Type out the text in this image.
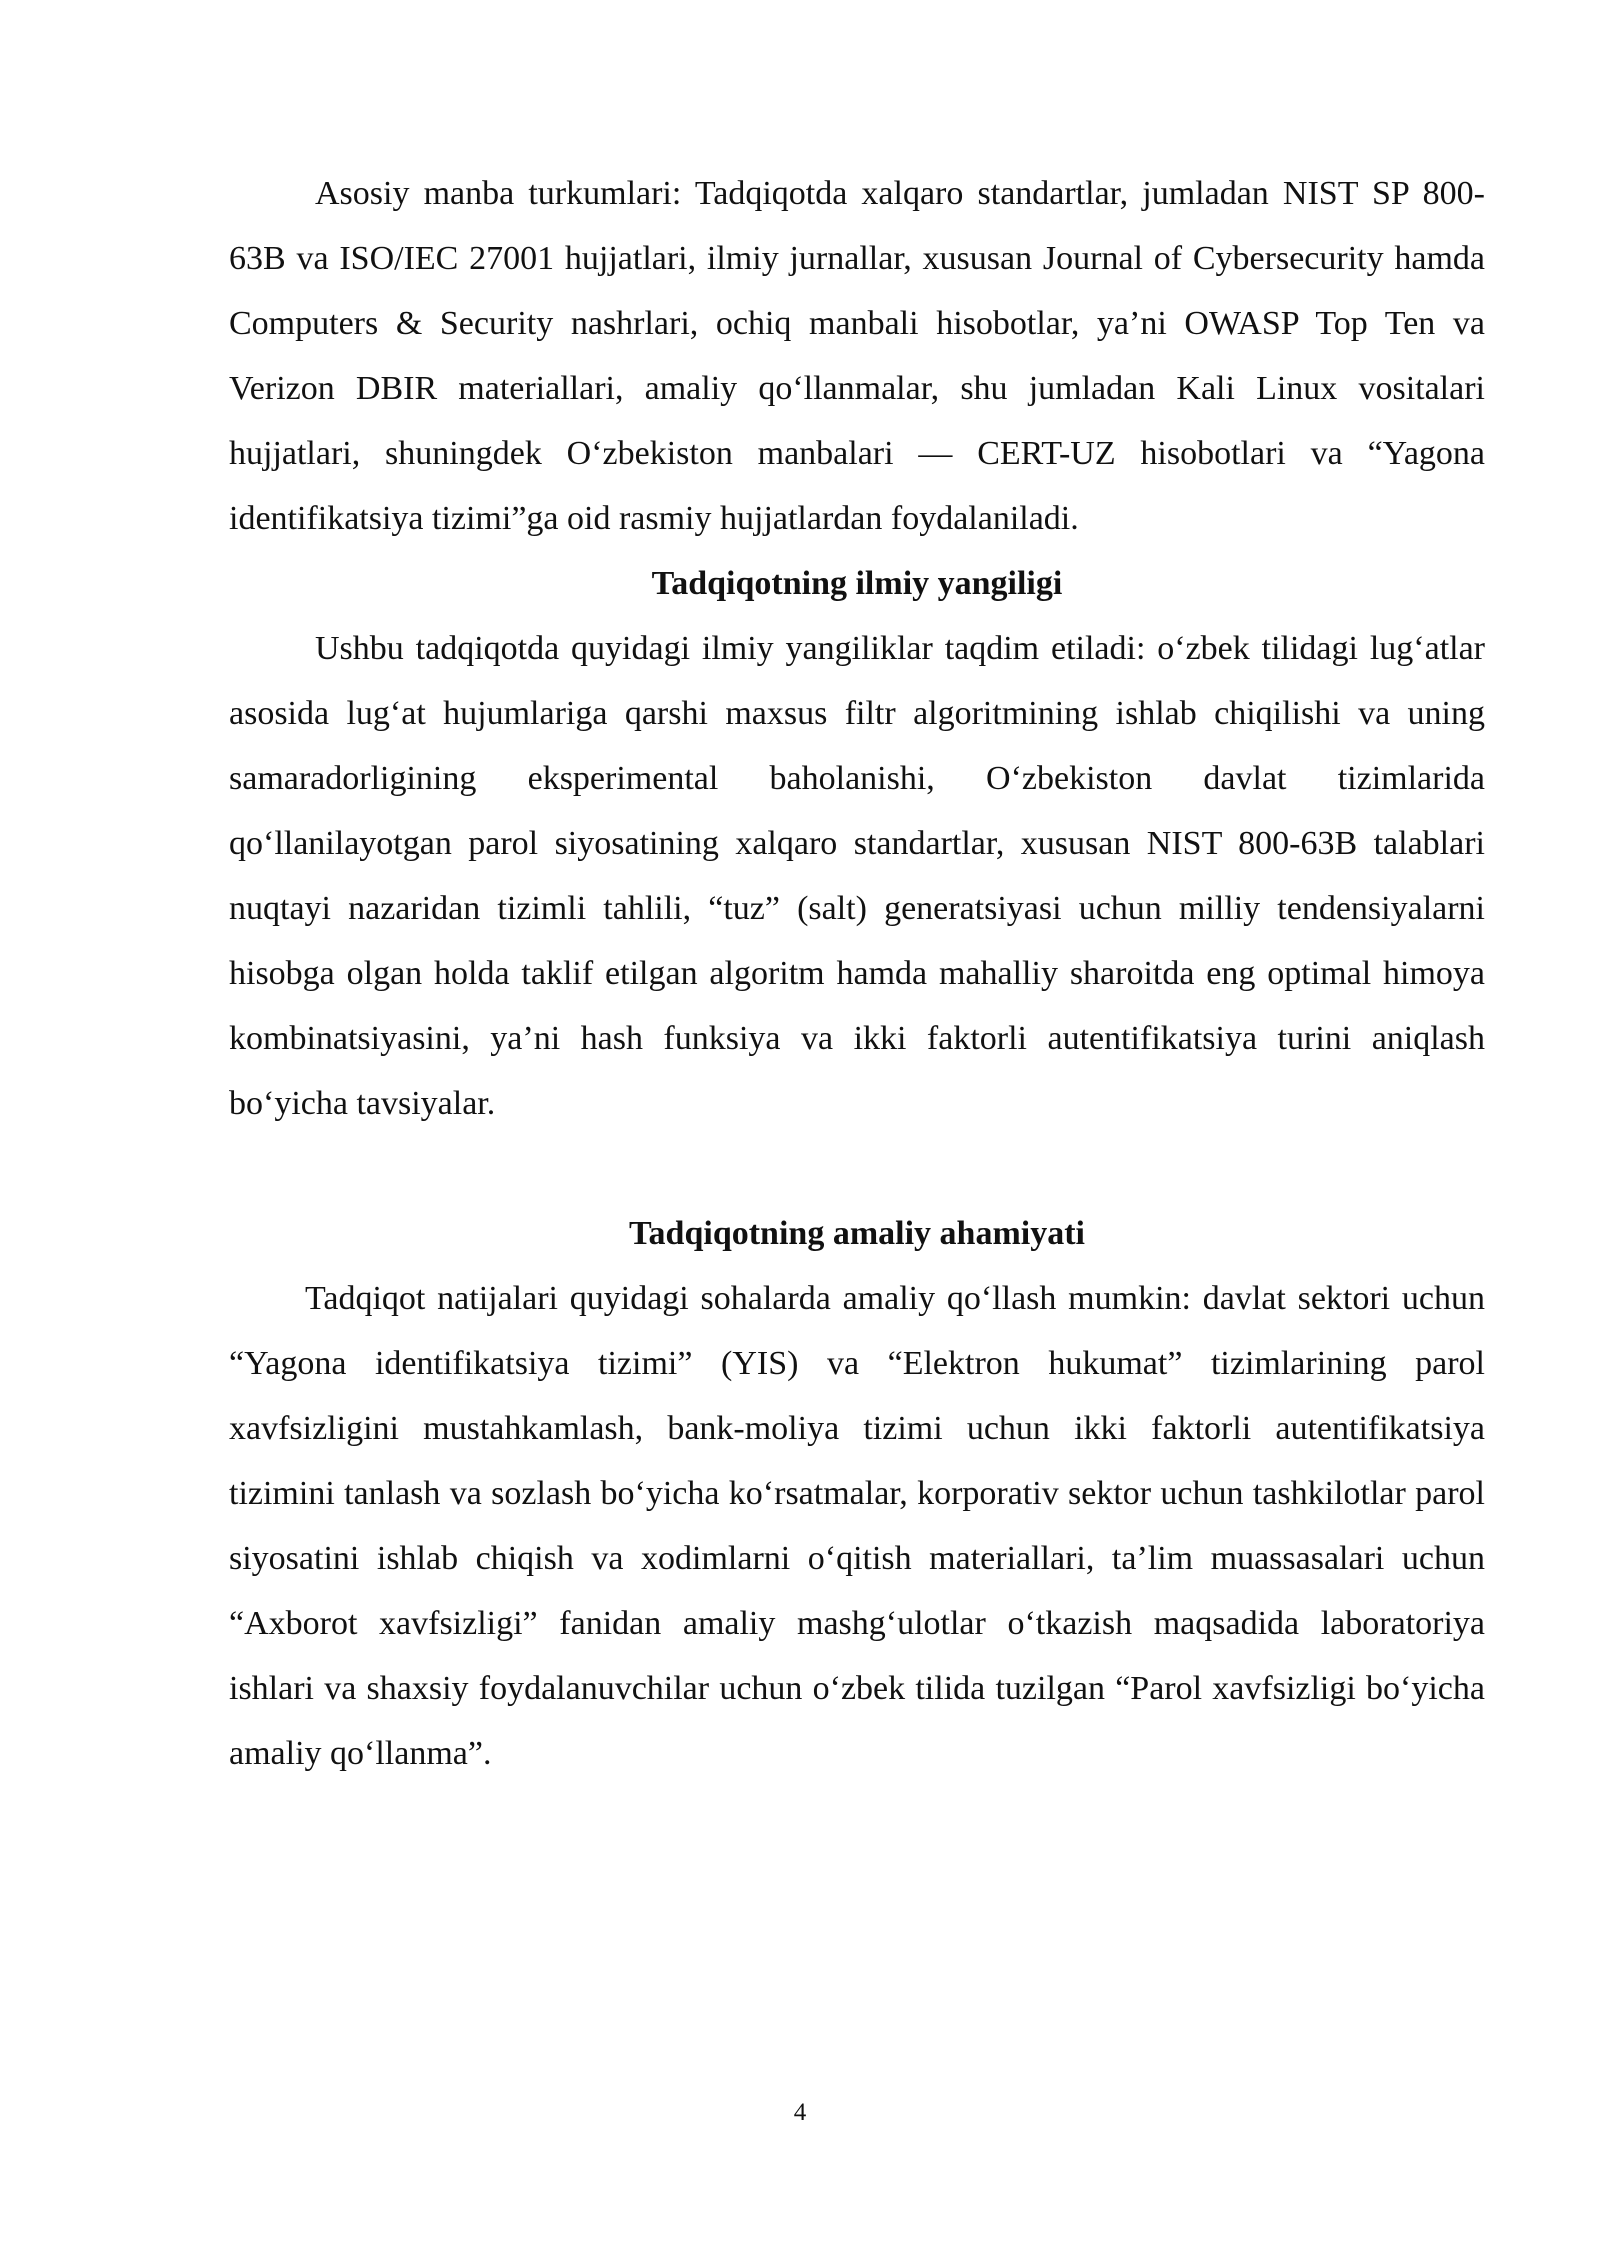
Asosiy manba turkumlari: Tadqiqotda xalqaro standartlar, jumladan NIST SP 800-63B va ISO/IEC 27001 hujjatlari, ilmiy jurnallar, xususan Journal of Cybersecurity hamda Computers & Security nashrlari, ochiq manbali hisobotlar, ya’ni OWASP Top Ten va Verizon DBIR materiallari, amaliy qo‘llanmalar, shu jumladan Kali Linux vositalari hujjatlari, shuningdek O‘zbekiston manbalari — CERT-UZ hisobotlari va “Yagona identifikatsiya tizimi”ga oid rasmiy hujjatlardan foydalaniladi.

Tadqiqotning ilmiy yangiligi

Ushbu tadqiqotda quyidagi ilmiy yangiliklar taqdim etiladi: o‘zbek tilidagi lug‘atlar asosida lug‘at hujumlariga qarshi maxsus filtr algoritmining ishlab chiqilishi va uning samaradorligining eksperimental baholanishi, O‘zbekiston davlat tizimlarida qo‘llanilayotgan parol siyosatining xalqaro standartlar, xususan NIST 800-63B talablari nuqtayi nazaridan tizimli tahlili, “tuz” (salt) generatsiyasi uchun milliy tendensiyalarni hisobga olgan holda taklif etilgan algoritm hamda mahalliy sharoitda eng optimal himoya kombinatsiyasini, ya’ni hash funksiya va ikki faktorli autentifikatsiya turini aniqlash bo‘yicha tavsiyalar.

Tadqiqotning amaliy ahamiyati

Tadqiqot natijalari quyidagi sohalarda amaliy qo‘llash mumkin: davlat sektori uchun “Yagona identifikatsiya tizimi” (YIS) va “Elektron hukumat” tizimlarining parol xavfsizligini mustahkamlash, bank-moliya tizimi uchun ikki faktorli autentifikatsiya tizimini tanlash va sozlash bo‘yicha ko‘rsatmalar, korporativ sektor uchun tashkilotlar parol siyosatini ishlab chiqish va xodimlarni o‘qitish materiallari, ta’lim muassasalari uchun “Axborot xavfsizligi” fanidan amaliy mashg‘ulotlar o‘tkazish maqsadida laboratoriya ishlari va shaxsiy foydalanuvchilar uchun o‘zbek tilida tuzilgan “Parol xavfsizligi bo‘yicha amaliy qo‘llanma”.

4
